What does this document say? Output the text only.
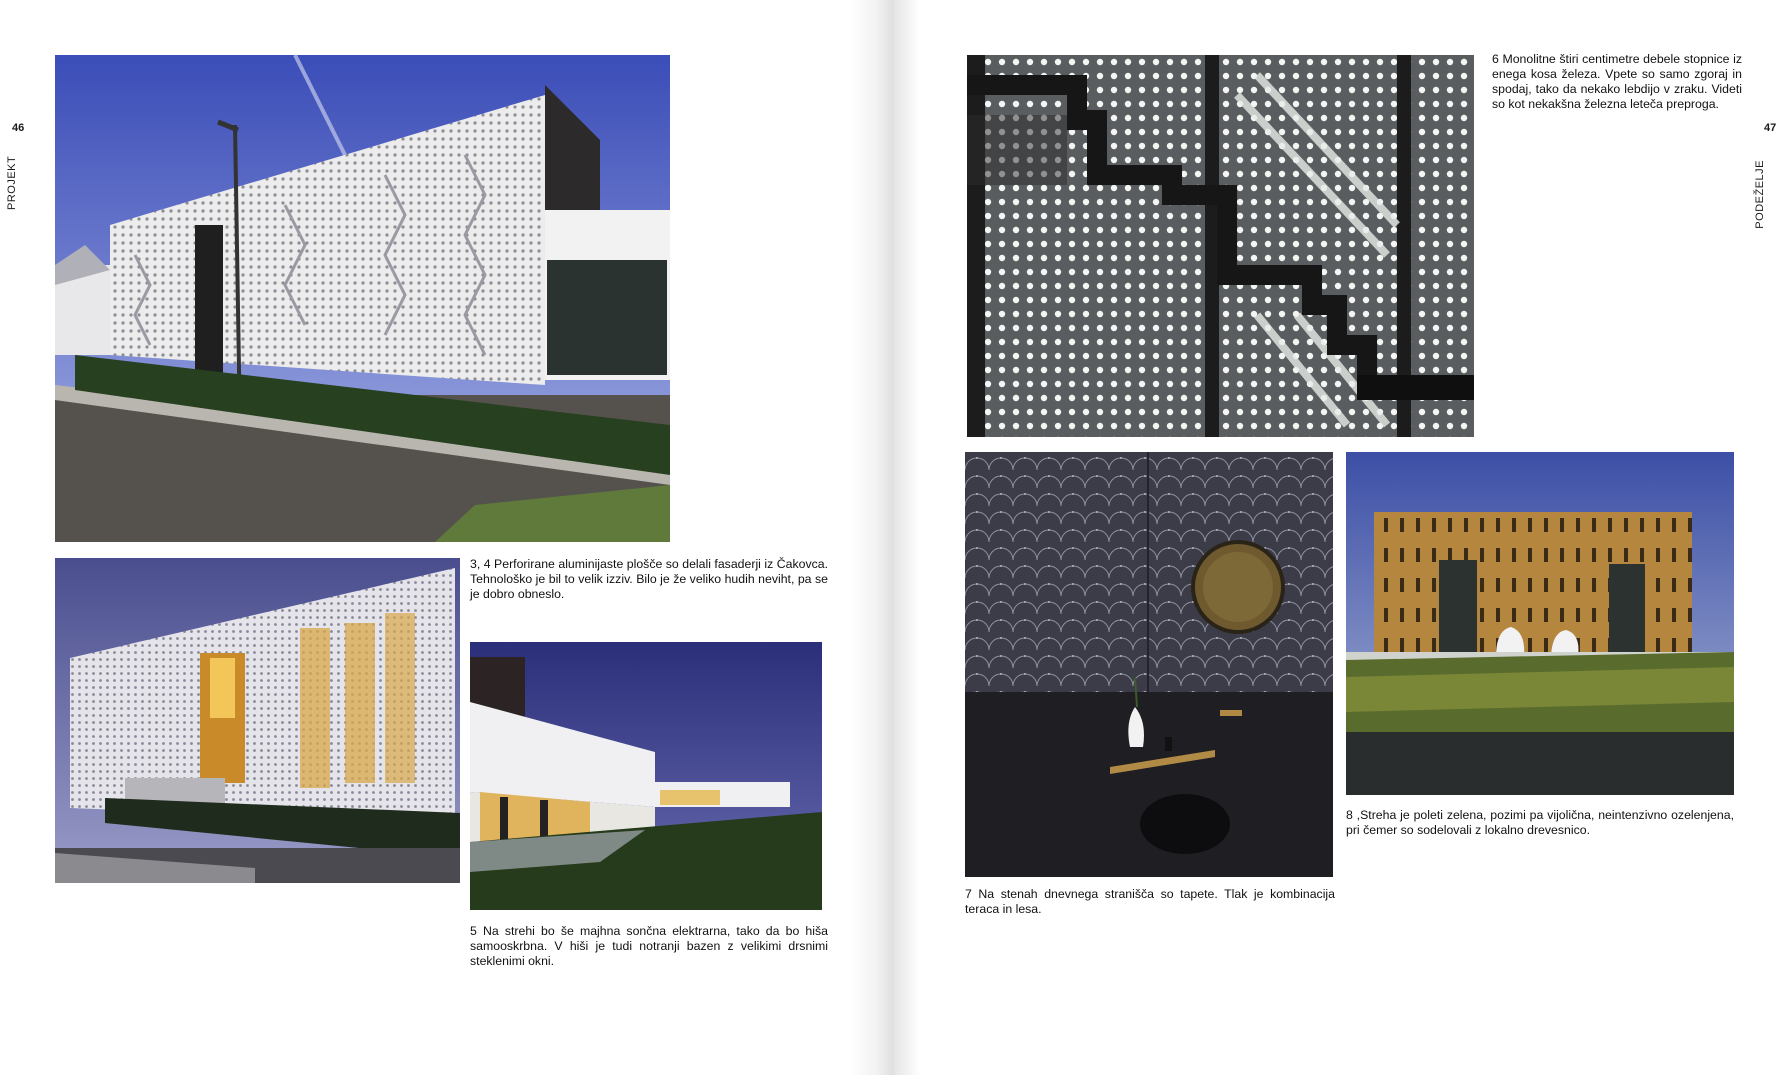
46
PROJEKT
3, 4 Perforirane aluminijaste plošče so delali fasaderji iz Čakovca. Tehnološko je bil to velik izziv. Bilo je že veliko hudih neviht, pa se je dobro obneslo.
5 Na strehi bo še majhna sončna elektrarna, tako da bo hiša samooskrbna. V hiši je tudi notranji bazen z velikimi drsnimi steklenimi okni.
47
6 Monolitne štiri centimetre debele stopnice iz enega kosa železa. Vpete so samo zgoraj in spodaj, tako da nekako lebdijo v zraku. Videti so kot nekakšna železna leteča preproga.
7 Na stenah dnevnega straniščа so tapete. Tlak je kombinacija teraca in lesa.
8 ,Streha je poleti zelena, pozimi pa vijolična, neintenzivno ozelenjena, pri čemer so sodelovali z lokalno drevesnico.
PODEŽELJE
